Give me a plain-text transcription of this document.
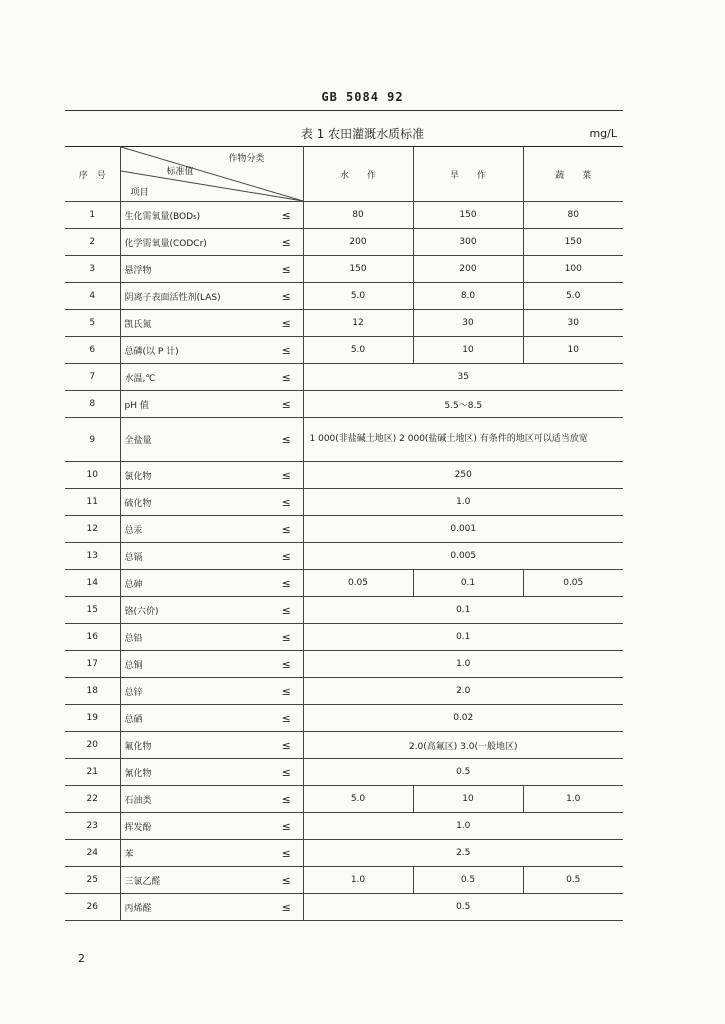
GB 5084 92
表 1 农田灌溉水质标准	mg/L
序　号	作物分类
标准值
项目		水　　作	旱　　作	蔬　　菜
1	生化需氧量(BOD₅)	≤	80	150	80
2	化学需氧量(CODCr)	≤	200	300	150
3	悬浮物	≤	150	200	100
4	阴离子表面活性剂(LAS)	≤	5.0	8.0	5.0
5	凯氏氮	≤	12	30	30
6	总磷(以 P 计)	≤	5.0	10	10
7	水温,℃	≤	35		
8	pH 值	≤	5.5～8.5		
9	全盐量	≤	1 000(非盐碱土地区) 2 000(盐碱土地区) 有条件的地区可以适当放宽		
10	氯化物	≤	250		
11	硫化物	≤	1.0		
12	总汞	≤	0.001		
13	总镉	≤	0.005		
14	总砷	≤	0.05	0.1	0.05
15	铬(六价)	≤	0.1		
16	总铅	≤	0.1		
17	总铜	≤	1.0		
18	总锌	≤	2.0		
19	总硒	≤	0.02		
20	氟化物	≤	2.0(高氟区) 3.0(一般地区)		
21	氰化物	≤	0.5		
22	石油类	≤	5.0	10	1.0
23	挥发酚	≤	1.0		
24	苯	≤	2.5		
25	三氯乙醛	≤	1.0	0.5	0.5
26	丙烯醛	≤	0.5		
2
